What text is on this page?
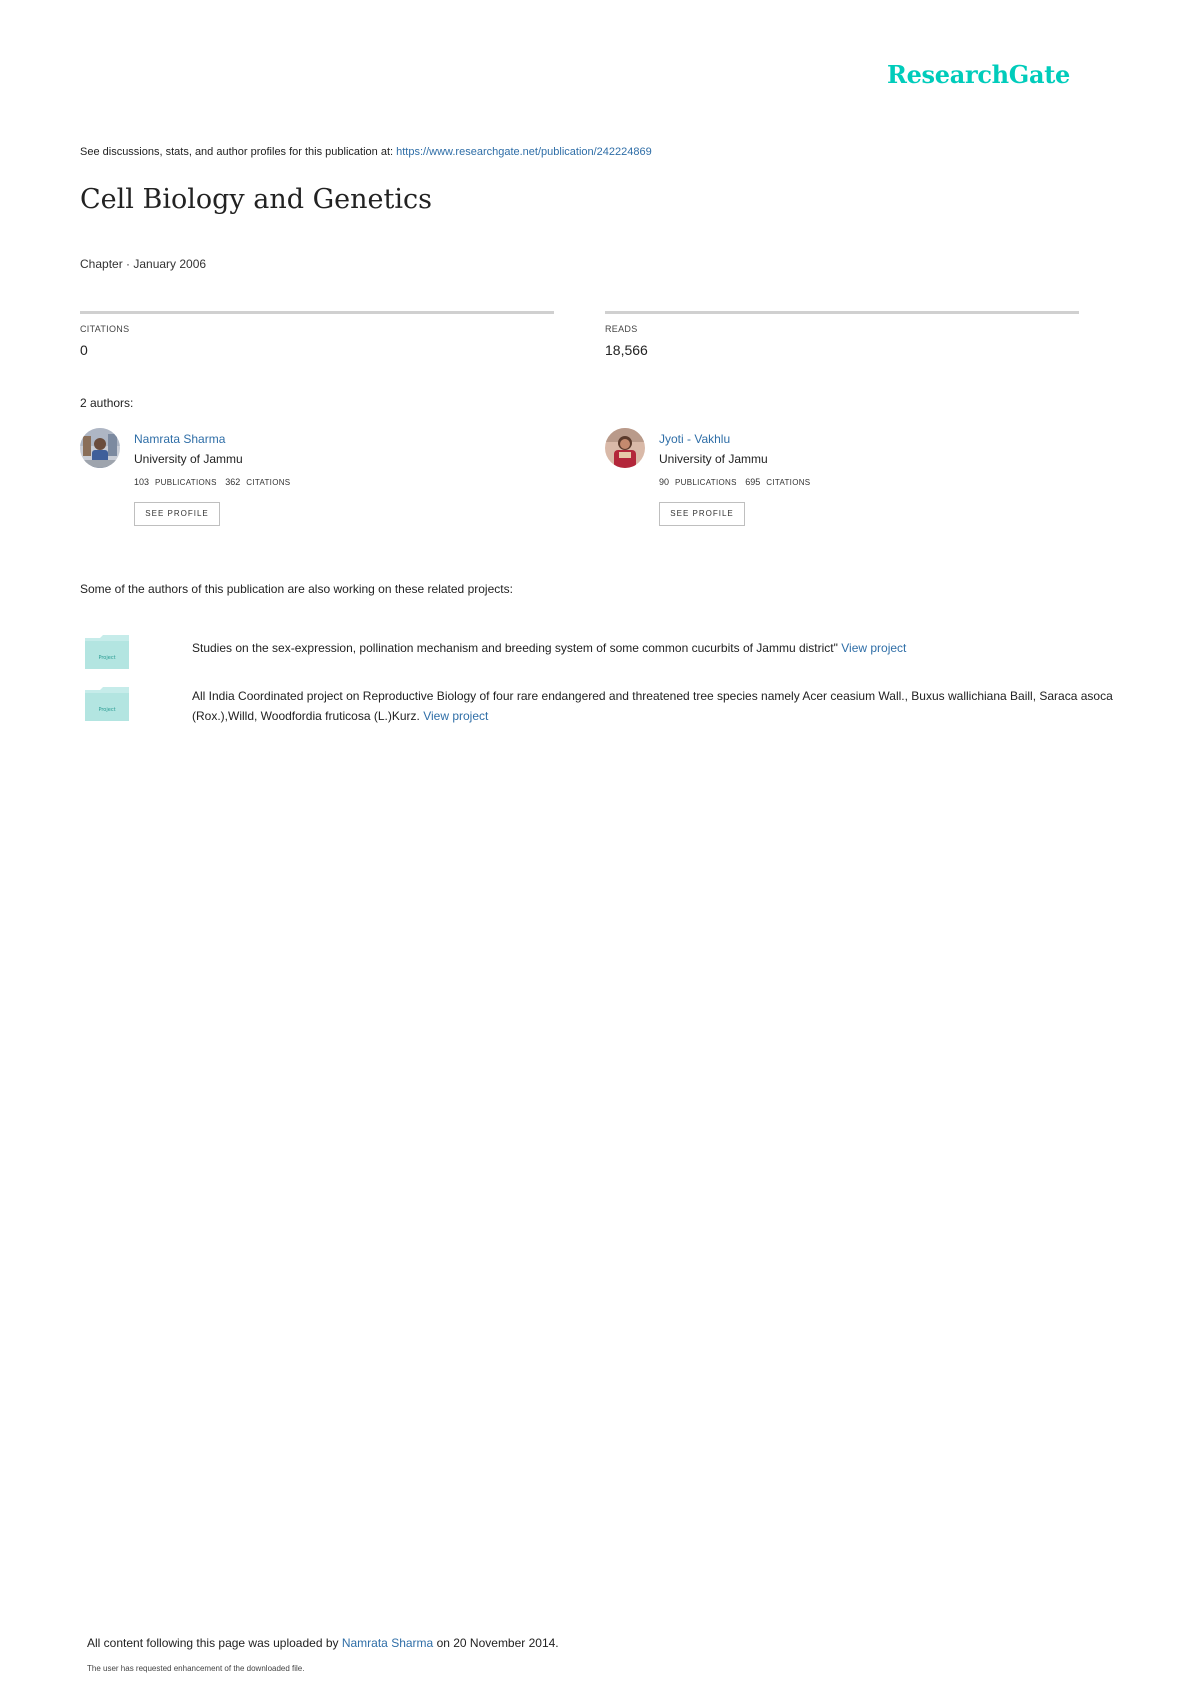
ResearchGate
See discussions, stats, and author profiles for this publication at: https://www.researchgate.net/publication/242224869
Cell Biology and Genetics
Chapter · January 2006
CITATIONS
0
READS
18,566
2 authors:
Namrata Sharma
University of Jammu
103 PUBLICATIONS 362 CITATIONS
SEE PROFILE
Jyoti - Vakhlu
University of Jammu
90 PUBLICATIONS 695 CITATIONS
SEE PROFILE
Some of the authors of this publication are also working on these related projects:
Project
Studies on the sex-expression, pollination mechanism and breeding system of some common cucurbits of Jammu district" View project
Project
All India Coordinated project on Reproductive Biology of four rare endangered and threatened tree species namely Acer ceasium Wall., Buxus wallichiana Baill, Saraca asoca (Rox.),Willd, Woodfordia fruticosa (L.)Kurz. View project
All content following this page was uploaded by Namrata Sharma on 20 November 2014.
The user has requested enhancement of the downloaded file.
